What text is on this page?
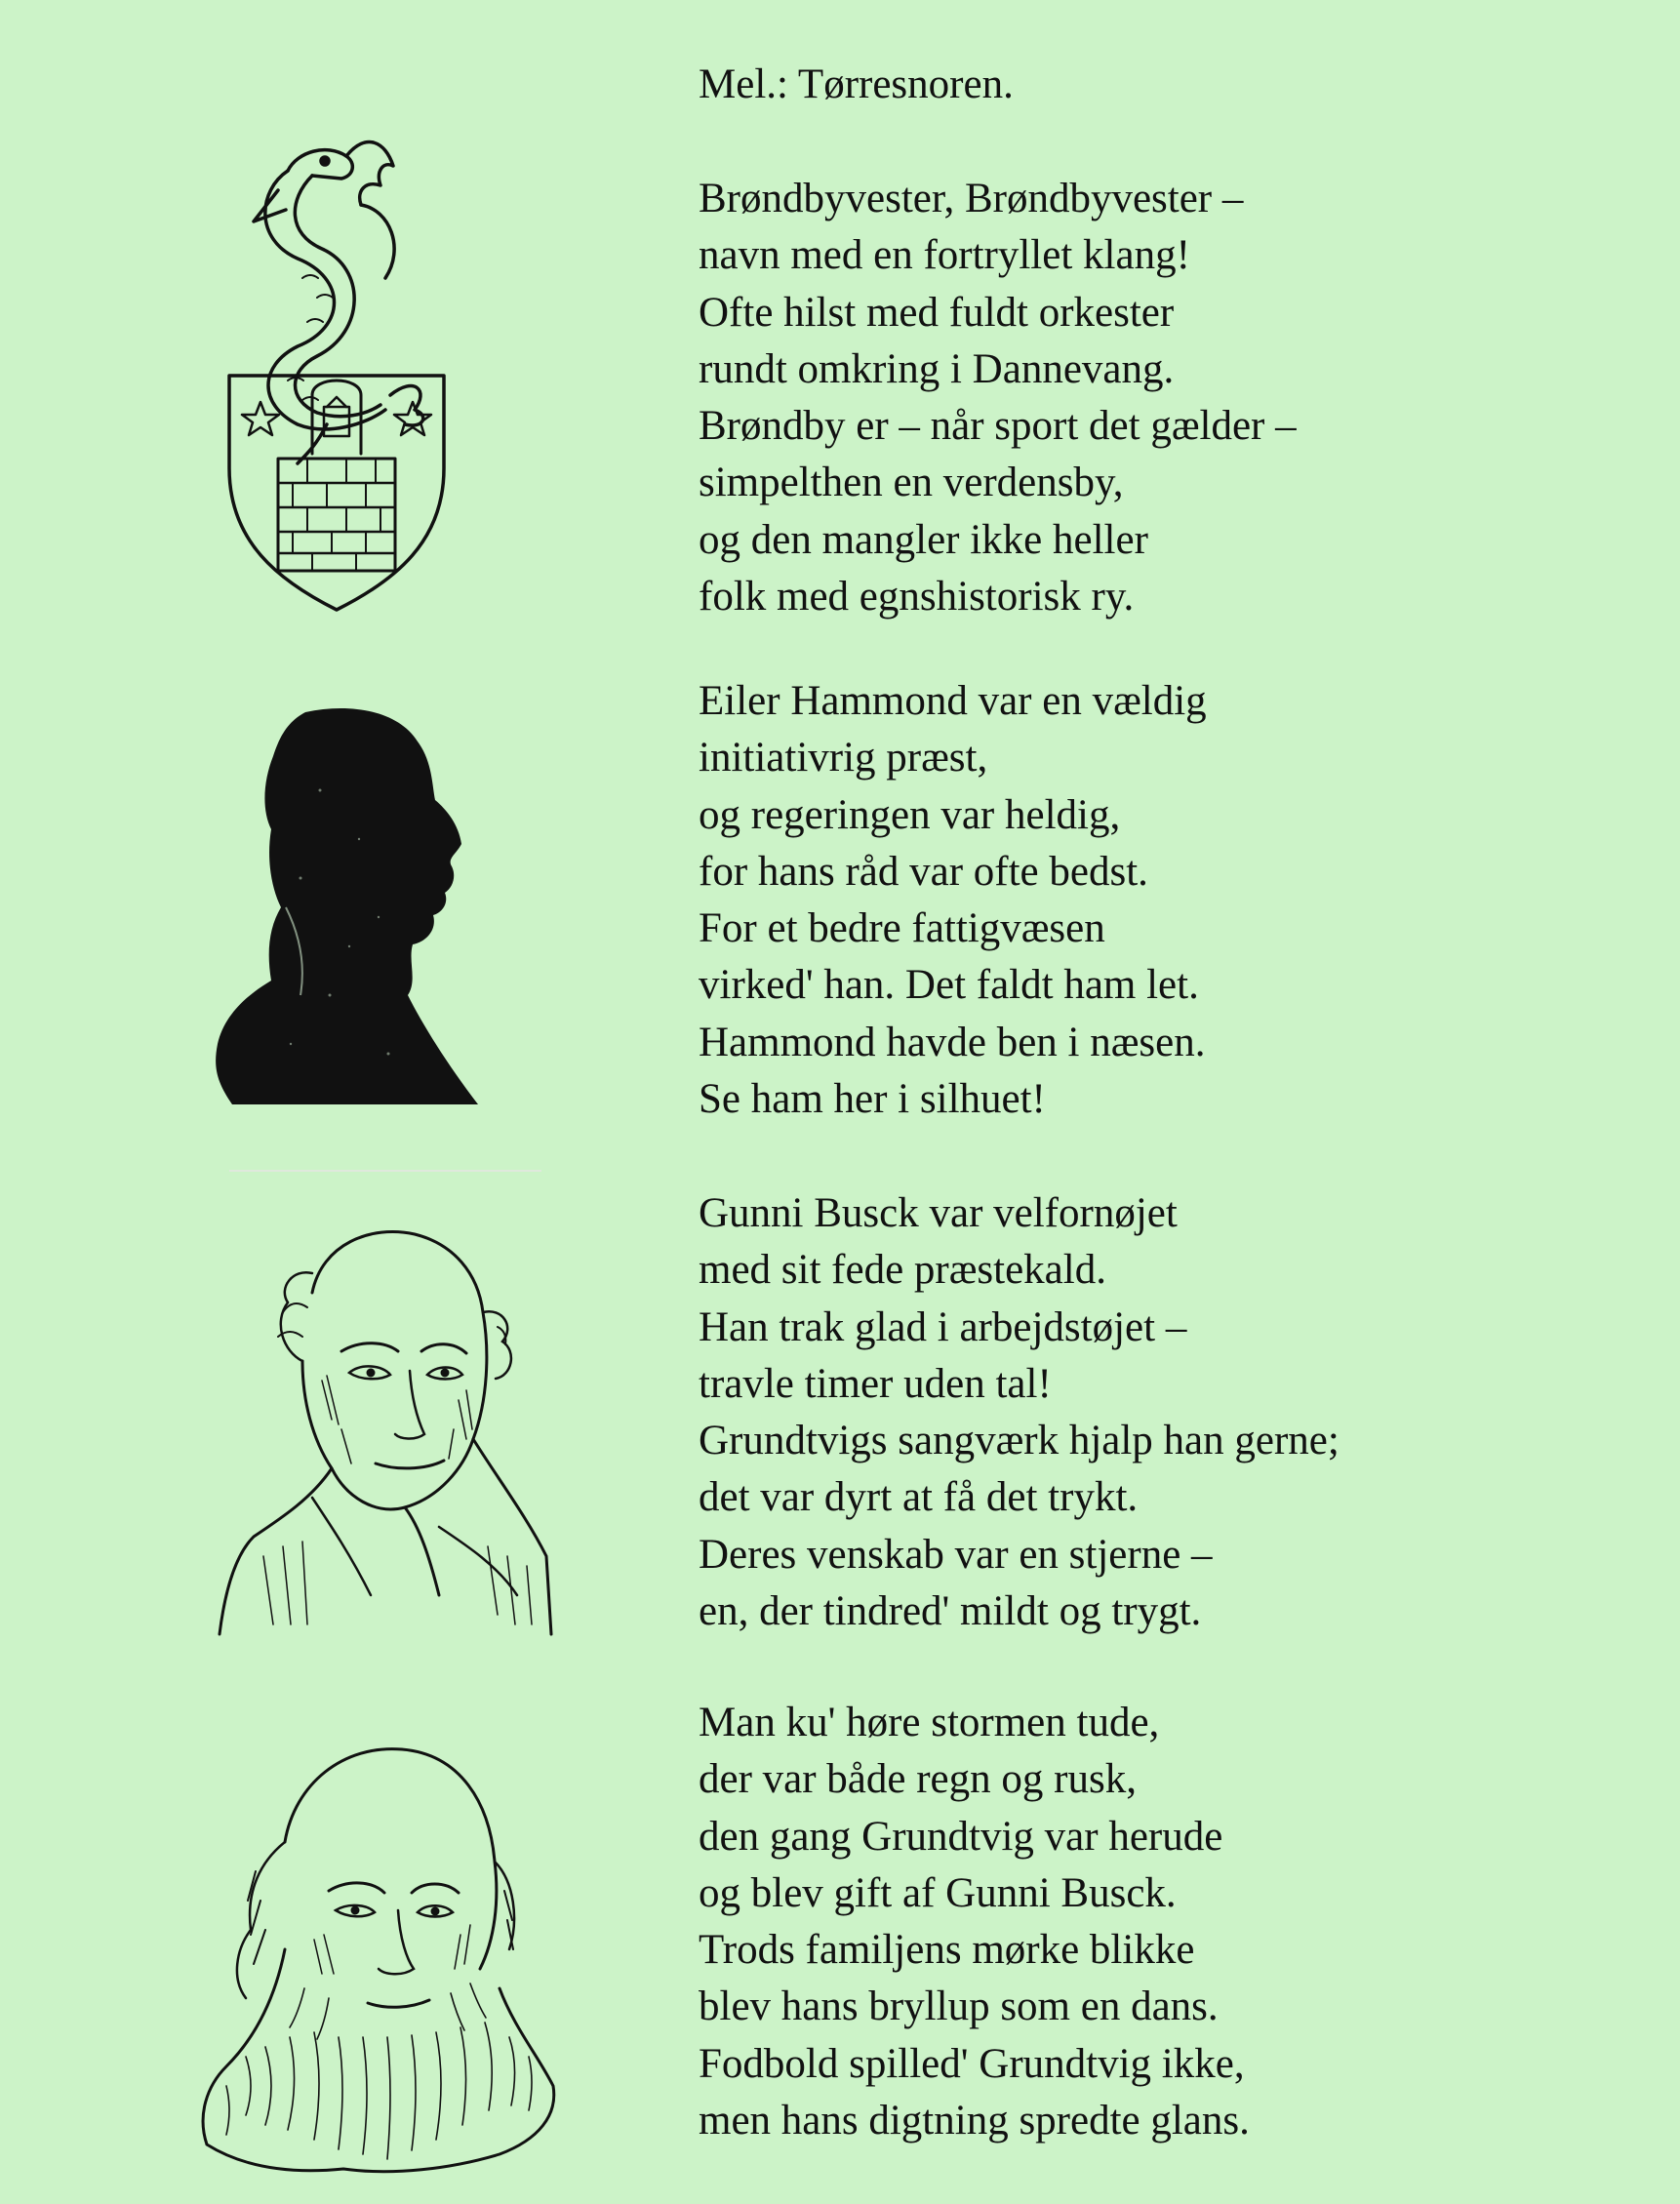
Mel.: Tørresnoren.
Brøndbyvester, Brøndbyvester –
navn med en fortryllet klang!
Ofte hilst med fuldt orkester
rundt omkring i Dannevang.
Brøndby er – når sport det gælder –
simpelthen en verdensby,
og den mangler ikke heller
folk med egnshistorisk ry.
Eiler Hammond var en vældig
initiativrig præst,
og regeringen var heldig,
for hans råd var ofte bedst.
For et bedre fattigvæsen
virked' han. Det faldt ham let.
Hammond havde ben i næsen.
Se ham her i silhuet!
Gunni Busck var velfornøjet
med sit fede præstekald.
Han trak glad i arbejdstøjet –
travle timer uden tal!
Grundtvigs sangværk hjalp han gerne;
det var dyrt at få det trykt.
Deres venskab var en stjerne –
en, der tindred' mildt og trygt.
Man ku' høre stormen tude,
der var både regn og rusk,
den gang Grundtvig var herude
og blev gift af Gunni Busck.
Trods familjens mørke blikke
blev hans bryllup som en dans.
Fodbold spilled' Grundtvig ikke,
men hans digtning spredte glans.
